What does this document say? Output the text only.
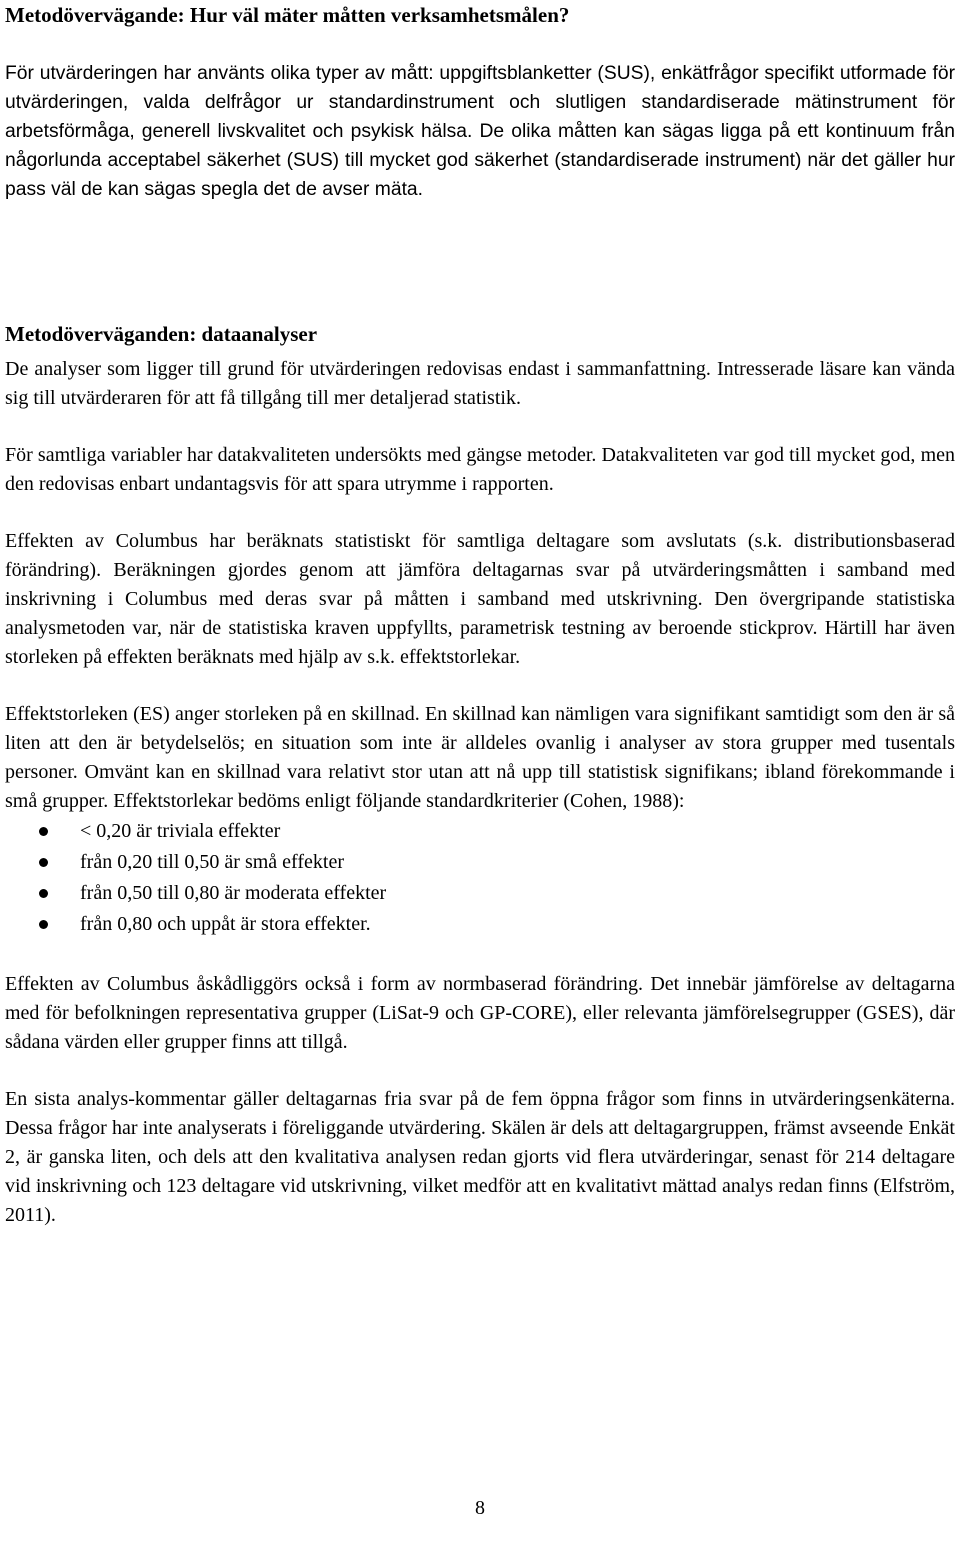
Metodövervägande: Hur väl mäter måtten verksamhetsmålen?

För utvärderingen har använts olika typer av mått: uppgiftsblanketter (SUS), enkätfrågor specifikt utformade för utvärderingen, valda delfrågor ur standardinstrument och slutligen standardiserade mätinstrument för arbetsförmåga, generell livskvalitet och psykisk hälsa. De olika måtten kan sägas ligga på ett kontinuum från någorlunda acceptabel säkerhet (SUS) till mycket god säkerhet (standardiserade instrument) när det gäller hur pass väl de kan sägas spegla det de avser mäta.

Metodöverväganden: dataanalyser

De analyser som ligger till grund för utvärderingen redovisas endast i sammanfattning. Intresserade läsare kan vända sig till utvärderaren för att få tillgång till mer detaljerad statistik.

För samtliga variabler har datakvaliteten undersökts med gängse metoder. Datakvaliteten var god till mycket god, men den redovisas enbart undantagsvis för att spara utrymme i rapporten.

Effekten av Columbus har beräknats statistiskt för samtliga deltagare som avslutats (s.k. distributionsbaserad förändring). Beräkningen gjordes genom att jämföra deltagarnas svar på utvärderingsmåtten i samband med inskrivning i Columbus med deras svar på måtten i samband med utskrivning. Den övergripande statistiska analysmetoden var, när de statistiska kraven uppfyllts, parametrisk testning av beroende stickprov. Härtill har även storleken på effekten beräknats med hjälp av s.k. effektstorlekar.

Effektstorleken (ES) anger storleken på en skillnad. En skillnad kan nämligen vara signifikant samtidigt som den är så liten att den är betydelselös; en situation som inte är alldeles ovanlig i analyser av stora grupper med tusentals personer. Omvänt kan en skillnad vara relativt stor utan att nå upp till statistisk signifikans; ibland förekommande i små grupper. Effektstorlekar bedöms enligt följande standardkriterier (Cohen, 1988):

< 0,20 är triviala effekter
från 0,20 till 0,50 är små effekter
från 0,50 till 0,80 är moderata effekter
från 0,80 och uppåt är stora effekter.

Effekten av Columbus åskådliggörs också i form av normbaserad förändring. Det innebär jämförelse av deltagarna med för befolkningen representativa grupper (LiSat-9 och GP-CORE), eller relevanta jämförelsegrupper (GSES), där sådana värden eller grupper finns att tillgå.

En sista analys-kommentar gäller deltagarnas fria svar på de fem öppna frågor som finns in utvärderingsenkäterna. Dessa frågor har inte analyserats i föreliggande utvärdering. Skälen är dels att deltagargruppen, främst avseende Enkät 2, är ganska liten, och dels att den kvalitativa analysen redan gjorts vid flera utvärderingar, senast för 214 deltagare vid inskrivning och 123 deltagare vid utskrivning, vilket medför att en kvalitativt mättad analys redan finns (Elfström, 2011).

8
